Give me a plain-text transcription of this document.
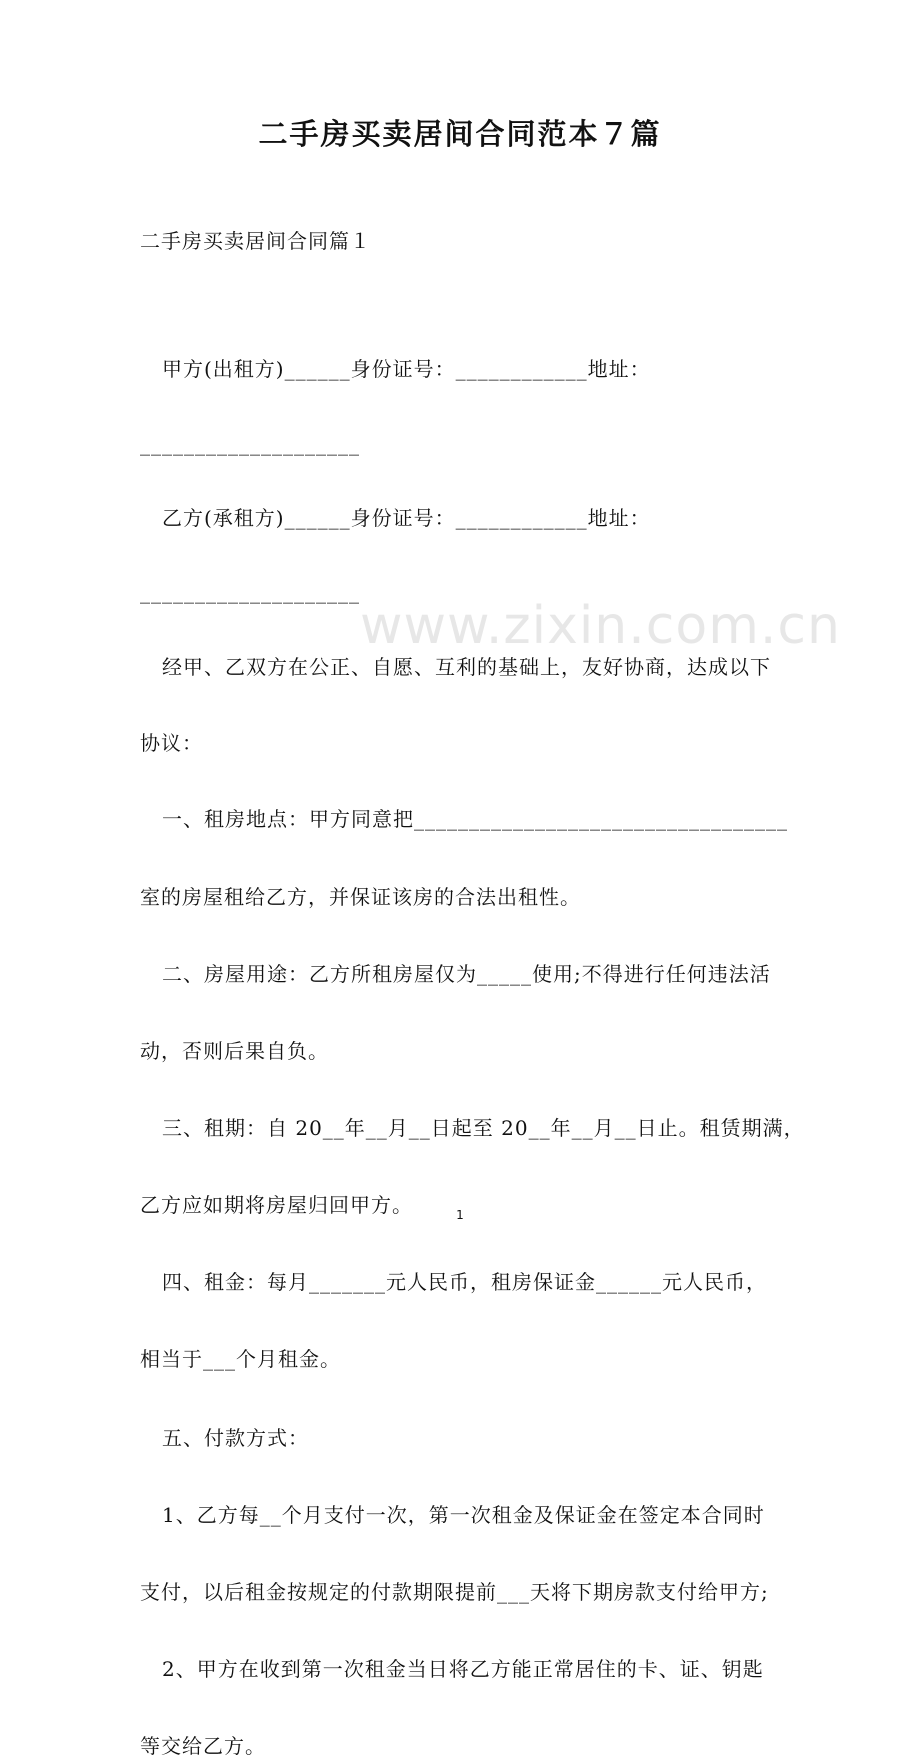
www.zixin.com.cn
二手房买卖居间合同范本７篇
二手房买卖居间合同篇１
甲方(出租方)______身份证号：____________地址：
____________________
乙方(承租方)______身份证号：____________地址：
____________________
经甲、乙双方在公正、自愿、互利的基础上，友好协商，达成以下
协议：
一、租房地点：甲方同意把__________________________________
室的房屋租给乙方，并保证该房的合法出租性。
二、房屋用途：乙方所租房屋仅为_____使用;不得进行任何违法活
动，否则后果自负。
三、租期：自 20__年__月__日起至 20__年__月__日止。租赁期满，
乙方应如期将房屋归回甲方。
四、租金：每月_______元人民币，租房保证金______元人民币，
相当于___个月租金。
五、付款方式：
1、乙方每__个月支付一次，第一次租金及保证金在签定本合同时
支付，以后租金按规定的付款期限提前___天将下期房款支付给甲方;
2、甲方在收到第一次租金当日将乙方能正常居住的卡、证、钥匙
等交给乙方。
1
